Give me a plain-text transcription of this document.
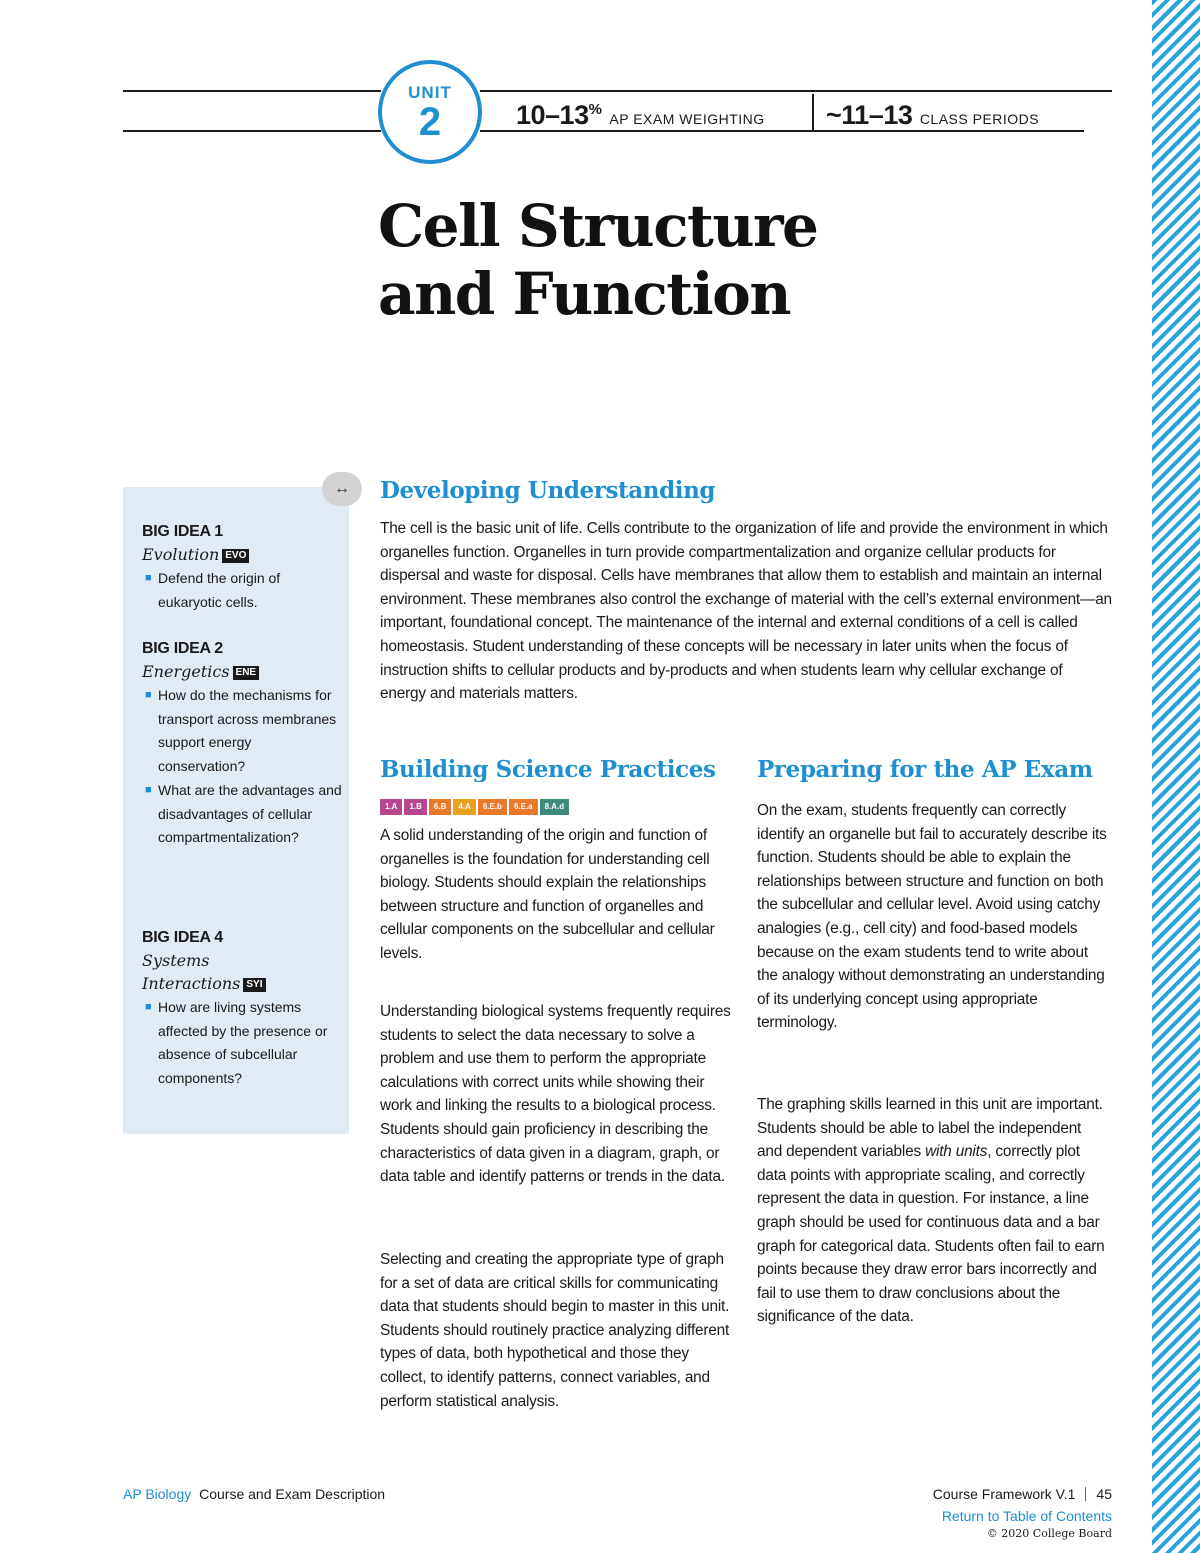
UNIT
2	10–13% AP EXAM WEIGHTING ~11–13 CLASS PERIODS
Cell Structure
and Function
↔
BIG IDEA 1
Evolution EVO
■ Defend the origin of eukaryotic cells.
BIG IDEA 2
Energetics ENE
■ How do the mechanisms for transport across membranes support energy conservation?
■ What are the advantages and disadvantages of cellular compartmentalization?
BIG IDEA 4
Systems Interactions SYI
■ How are living systems affected by the presence or absence of subcellular components?
Developing Understanding

The cell is the basic unit of life. Cells contribute to the organization of life and provide the environment in which organelles function. Organelles in turn provide compartmentalization and organize cellular products for dispersal and waste for disposal. Cells have membranes that allow them to establish and maintain an internal environment. These membranes also control the exchange of material with the cell’s external environment—an important, foundational concept. The maintenance of the internal and external conditions of a cell is called homeostasis. Student understanding of these concepts will be necessary in later units when the focus of instruction shifts to cellular products and by-products and when students learn why cellular exchange of energy and materials matters.

Building Science Practices
1.A 1.B 6.B 4.A 6.E.b 6.E.a 8.A.d

A solid understanding of the origin and function of organelles is the foundation for understanding cell biology. Students should explain the relationships between structure and function of organelles and cellular components on the subcellular and cellular levels.

Understanding biological systems frequently requires students to select the data necessary to solve a problem and use them to perform the appropriate calculations with correct units while showing their work and linking the results to a biological process. Students should gain proficiency in describing the characteristics of data given in a diagram, graph, or data table and identify patterns or trends in the data.

Selecting and creating the appropriate type of graph for a set of data are critical skills for communicating data that students should begin to master in this unit. Students should routinely practice analyzing different types of data, both hypothetical and those they collect, to identify patterns, connect variables, and perform statistical analysis.

Preparing for the AP Exam

On the exam, students frequently can correctly identify an organelle but fail to accurately describe its function. Students should be able to explain the relationships between structure and function on both the subcellular and cellular level. Avoid using catchy analogies (e.g., cell city) and food-based models because on the exam students tend to write about the analogy without demonstrating an understanding of its underlying concept using appropriate terminology.

The graphing skills learned in this unit are important. Students should be able to label the independent and dependent variables with units, correctly plot data points with appropriate scaling, and correctly represent the data in question. For instance, a line graph should be used for continuous data and a bar graph for categorical data. Students often fail to earn points because they draw error bars incorrectly and fail to use them to draw conclusions about the significance of the data.

AP Biology Course and Exam Description	Course Framework V.1 45
Return to Table of Contents
© 2020 College Board
